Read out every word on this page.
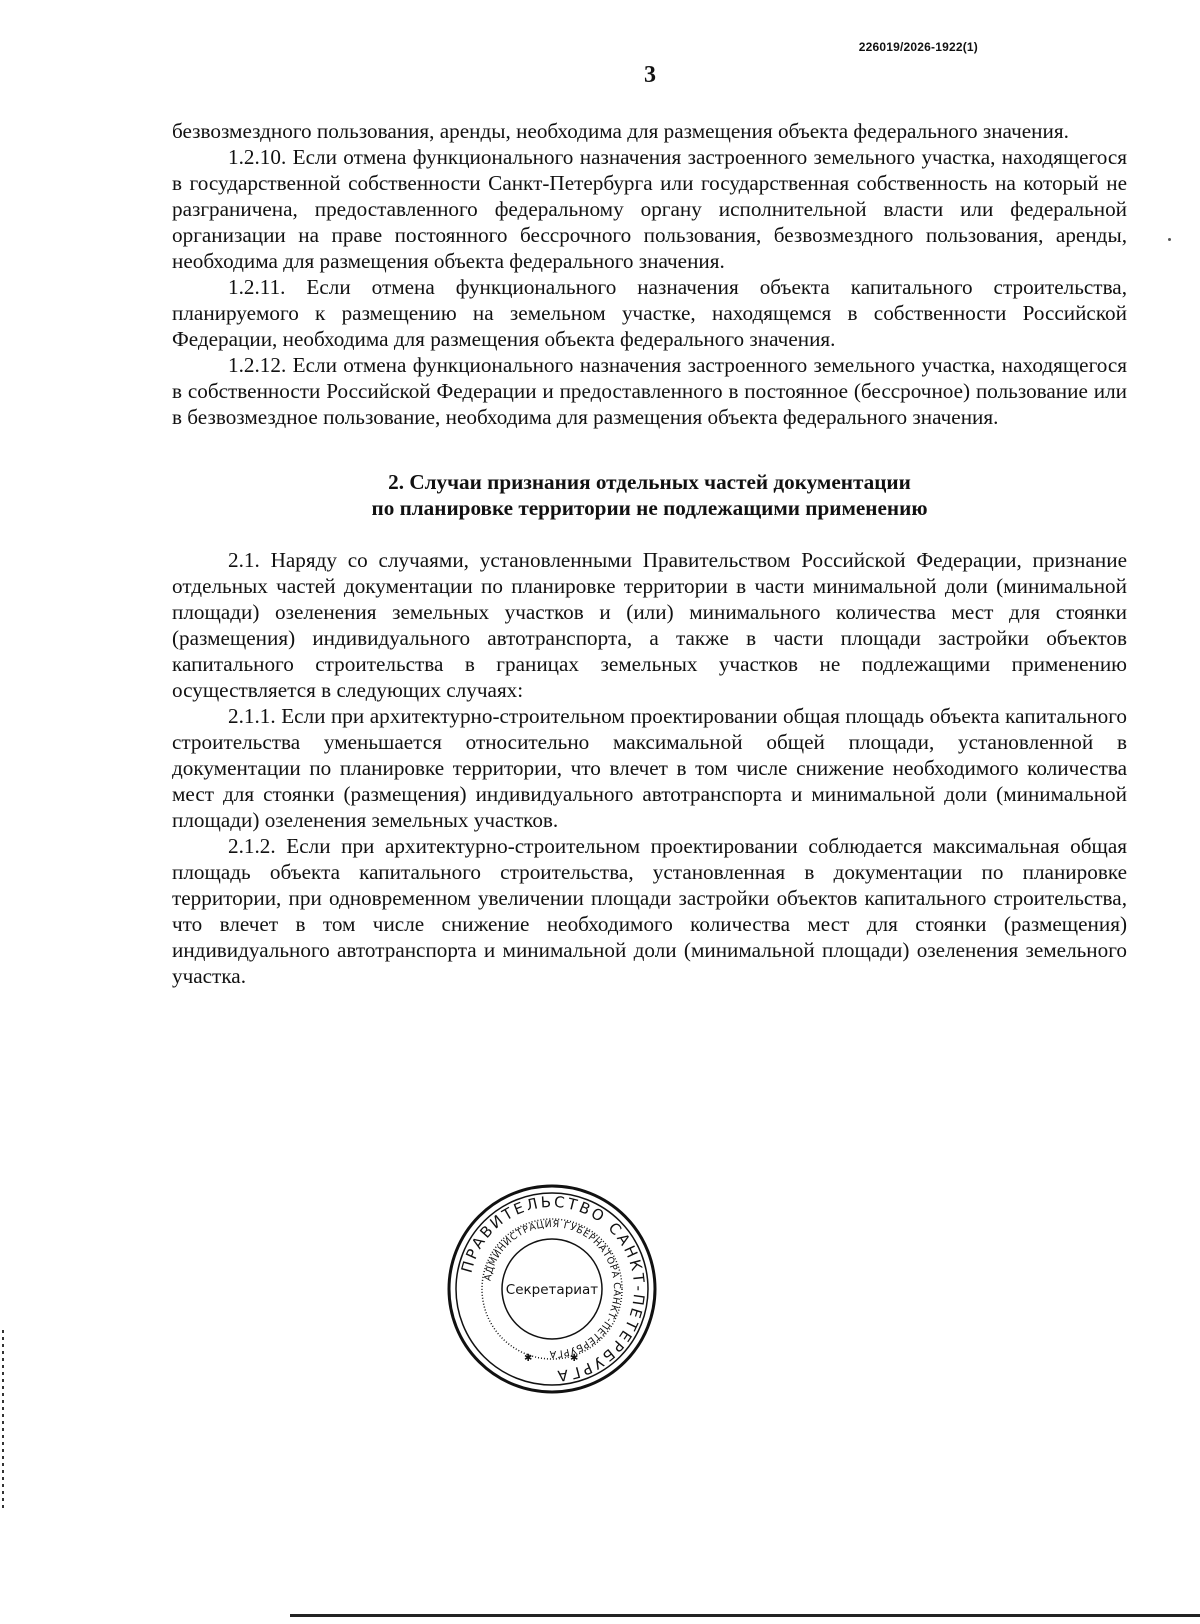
226019/2026-1922(1)
3

безвозмездного пользования, аренды, необходима для размещения объекта федерального значения.

1.2.10. Если отмена функционального назначения застроенного земельного участка, находящегося в государственной собственности Санкт-Петербурга или государственная собственность на который не разграничена, предоставленного федеральному органу исполнительной власти или федеральной организации на праве постоянного бессрочного пользования, безвозмездного пользования, аренды, необходима для размещения объекта федерального значения.

1.2.11. Если отмена функционального назначения объекта капитального строительства, планируемого к размещению на земельном участке, находящемся в собственности Российской Федерации, необходима для размещения объекта федерального значения.

1.2.12. Если отмена функционального назначения застроенного земельного участка, находящегося в собственности Российской Федерации и предоставленного в постоянное (бессрочное) пользование или в безвозмездное пользование, необходима для размещения объекта федерального значения.

2. Случаи признания отдельных частей документации
по планировке территории не подлежащими применению

2.1. Наряду со случаями, установленными Правительством Российской Федерации, признание отдельных частей документации по планировке территории в части минимальной доли (минимальной площади) озеленения земельных участков и (или) минимального количества мест для стоянки (размещения) индивидуального автотранспорта, а также в части площади застройки объектов капитального строительства в границах земельных участков не подлежащими применению осуществляется в следующих случаях:

2.1.1. Если при архитектурно-строительном проектировании общая площадь объекта капитального строительства уменьшается относительно максимальной общей площади, установленной в документации по планировке территории, что влечет в том числе снижение необходимого количества мест для стоянки (размещения) индивидуального автотранспорта и минимальной доли (минимальной площади) озеленения земельных участков.

2.1.2. Если при архитектурно-строительном проектировании соблюдается максимальная общая площадь объекта капитального строительства, установленная в документации по планировке территории, при одновременном увеличении площади застройки объектов капитального строительства, что влечет в том числе снижение необходимого количества мест для стоянки (размещения) индивидуального автотранспорта и минимальной доли (минимальной площади) озеленения земельного участка.

ПРАВИТЕЛЬСТВО САНКТ-ПЕТЕРБУРГА
АДМИНИСТРАЦИЯ ГУБЕРНАТОРА САНКТ-ПЕТЕРБУРГА
Секретариат
✱	✱
